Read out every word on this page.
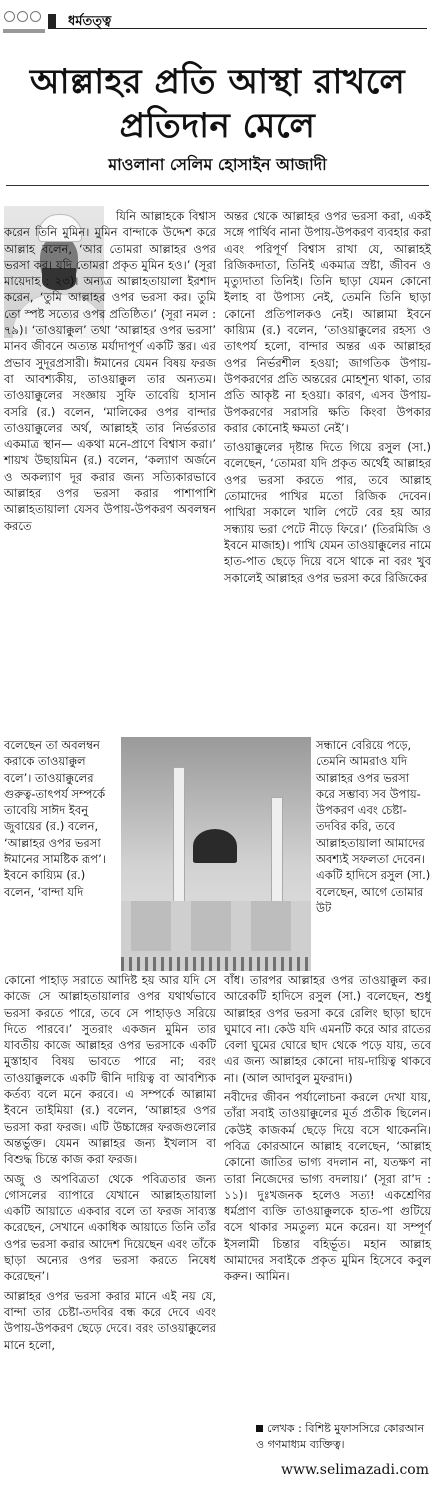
ধর্মতত্ত্ব
আল্লাহর প্রতি আস্থা রাখলে প্রতিদান মেলে
মাওলানা সেলিম হোসাইন আজাদী

যিনি আল্লাহকে বিশ্বাস করেন তিনি মুমিন। মুমিন বান্দাকে উদ্দেশ করে আল্লাহ বলেন, ‘আর তোমরা আল্লাহর ওপর ভরসা কর। যদি তোমরা প্রকৃত মুমিন হও।’ (সূরা মায়েদাহ : ২৩)। অন্যত্র আল্লাহতায়ালা ইরশাদ করেন, ‘তুমি আল্লাহর ওপর ভরসা কর। তুমি তো স্পষ্ট সত্যের ওপর প্রতিষ্ঠিত।’ (সূরা নমল : ৭৯)। ‘তাওয়াক্কুল’ তথা ‘আল্লাহর ওপর ভরসা’ মানব জীবনে অত্যন্ত মর্যাদাপূর্ণ একটি স্তর। এর প্রভাব সুদূরপ্রসারী। ঈমানের যেমন বিষয় ফরজ বা আবশ্যকীয়, তাওয়াক্কুল তার অন্যতম। তাওয়াক্কুলের সংজ্ঞায় সুফি তাবেয়ি হাসান বসরি (র.) বলেন, ‘মালিকের ওপর বান্দার তাওয়াক্কুলের অর্থ, আল্লাহই তার নির্ভরতার একমাত্র স্থান— একথা মনে-প্রাণে বিশ্বাস করা।’ শায়খ উছায়মিন (র.) বলেন, ‘কল্যাণ অর্জনে ও অকল্যাণ দূর করার জন্য সত্যিকারভাবে আল্লাহর ওপর ভরসা করার পাশাপাশি আল্লাহতায়ালা যেসব উপায়-উপকরণ অবলম্বন করতে

বলেছেন তা অবলম্বন করাকে তাওয়াক্কুল বলে’। তাওয়াক্কুলের গুরুত্ব-তাৎপর্য সম্পর্কে তাবেয়ি সাঈদ ইবনু জুবায়ের (র.) বলেন, ‘আল্লাহর ওপর ভরসা ঈমানের সামষ্টিক রূপ’। ইবনে কায়্যিম (র.) বলেন, ‘বান্দা যদি
সন্ধানে বেরিয়ে পড়ে, তেমনি আমরাও যদি আল্লাহর ওপর ভরসা করে সম্ভাব্য সব উপায়-উপকরণ এবং চেষ্টা-তদবির করি, তবে আল্লাহতায়ালা আমাদের অবশ্যই সফলতা দেবেন। একটি হাদিসে রসুল (সা.) বলেছেন, আগে তোমার উট

কোনো পাহাড় সরাতে আদিষ্ট হয় আর যদি সে কাজে সে আল্লাহতায়ালার ওপর যথার্থভাবে ভরসা করতে পারে, তবে সে পাহাড়ও সরিয়ে দিতে পারবে।’ সুতরাং একজন মুমিন তার যাবতীয় কাজে আল্লাহর ওপর ভরসাকে একটি মুস্তাহাব বিষয় ভাবতে পারে না; বরং তাওয়াক্কুলকে একটি দ্বীনি দায়িত্ব বা আবশ্যিক কর্তব্য বলে মনে করবে। এ সম্পর্কে আল্লামা ইবনে তাইমিয়া (র.) বলেন, ‘আল্লাহর ওপর ভরসা করা ফরজ। এটি উচ্চাঙ্গের ফরজগুলোর অন্তর্ভুক্ত। যেমন আল্লাহর জন্য ইখলাস বা বিশুদ্ধ চিন্তে কাজ করা ফরজ।

অজু ও অপবিত্রতা থেকে পবিত্রতার জন্য গোসলের ব্যাপারে যেখানে আল্লাহতায়ালা একটি আয়াতে একবার বলে তা ফরজ সাব্যস্ত করেছেন, সেখানে একাধিক আয়াতে তিনি তাঁর ওপর ভরসা করার আদেশ দিয়েছেন এবং তাঁকে ছাড়া অন্যের ওপর ভরসা করতে নিষেধ করেছেন’।

আল্লাহর ওপর ভরসা করার মানে এই নয় যে, বান্দা তার চেষ্টা-তদবির বন্ধ করে দেবে এবং উপায়-উপকরণ ছেড়ে দেবে। বরং তাওয়াক্কুলের মানে হলো,

অন্তর থেকে আল্লাহর ওপর ভরসা করা, একই সঙ্গে পার্থিব নানা উপায়-উপকরণ ব্যবহার করা এবং পরিপূর্ণ বিশ্বাস রাখা যে, আল্লাহই রিজিকদাতা, তিনিই একমাত্র স্রষ্টা, জীবন ও মৃত্যুদাতা তিনিই। তিনি ছাড়া যেমন কোনো ইলাহ বা উপাস্য নেই, তেমনি তিনি ছাড়া কোনো প্রতিপালকও নেই। আল্লামা ইবনে কায়্যিম (র.) বলেন, ‘তাওয়াক্কুলের রহস্য ও তাৎপর্য হলো, বান্দার অন্তর এক আল্লাহর ওপর নির্ভরশীল হওয়া; জাগতিক উপায়-উপকরণের প্রতি অন্তরের মোহশূন্য থাকা, তার প্রতি আকৃষ্ট না হওয়া। কারণ, এসব উপায়-উপকরণের সরাসরি ক্ষতি কিংবা উপকার করার কোনোই ক্ষমতা নেই’।

তাওয়াক্কুলের দৃষ্টান্ত দিতে গিয়ে রসুল (সা.) বলেছেন, ‘তোমরা যদি প্রকৃত অর্থেই আল্লাহর ওপর ভরসা করতে পার, তবে আল্লাহ তোমাদের পাখির মতো রিজিক দেবেন। পাখিরা সকালে খালি পেটে বের হয় আর সন্ধ্যায় ভরা পেটে নীড়ে ফিরে।’ (তিরমিজি ও ইবনে মাজাহ)। পাখি যেমন তাওয়াক্কুলের নামে হাত-পাত ছেড়ে দিয়ে বসে থাকে না বরং খুব সকালেই আল্লাহর ওপর ভরসা করে রিজিকের

বাঁধ। তারপর আল্লাহর ওপর তাওয়াক্কুল কর। আরেকটি হাদিসে রসুল (সা.) বলেছেন, শুধু আল্লাহর ওপর ভরসা করে রেলিং ছাড়া ছাদে ঘুমাবে না। কেউ যদি এমনটি করে আর রাতের বেলা ঘুমের ঘোরে ছাদ থেকে পড়ে যায়, তবে এর জন্য আল্লাহর কোনো দায়-দায়িত্ব থাকবে না। (আল আদাবুল মুফরাদ।)

নবীদের জীবন পর্যালোচনা করলে দেখা যায়, তাঁরা সবাই তাওয়াক্কুলের মূর্ত প্রতীক ছিলেন। কেউই কাজকর্ম ছেড়ে দিয়ে বসে থাকেননি। পবিত্র কোরআনে আল্লাহ বলেছেন, ‘আল্লাহ কোনো জাতির ভাগ্য বদলান না, যতক্ষণ না তারা নিজেদের ভাগ্য বদলায়।’ (সূরা রা’দ : ১১)। দুঃখজনক হলেও সত্য! একশ্রেণির ধর্মপ্রাণ ব্যক্তি তাওয়াক্কুলকে হাত-পা গুটিয়ে বসে থাকার সমতুল্য মনে করেন। যা সম্পূর্ণ ইসলামী চিন্তার বহির্ভূত। মহান আল্লাহ আমাদের সবাইকে প্রকৃত মুমিন হিসেবে কবুল করুন। আমিন।

লেখক : বিশিষ্ট মুফাসসিরে কোরআন ও গণমাধ্যম ব্যক্তিত্ব।
www.selimazadi.com
